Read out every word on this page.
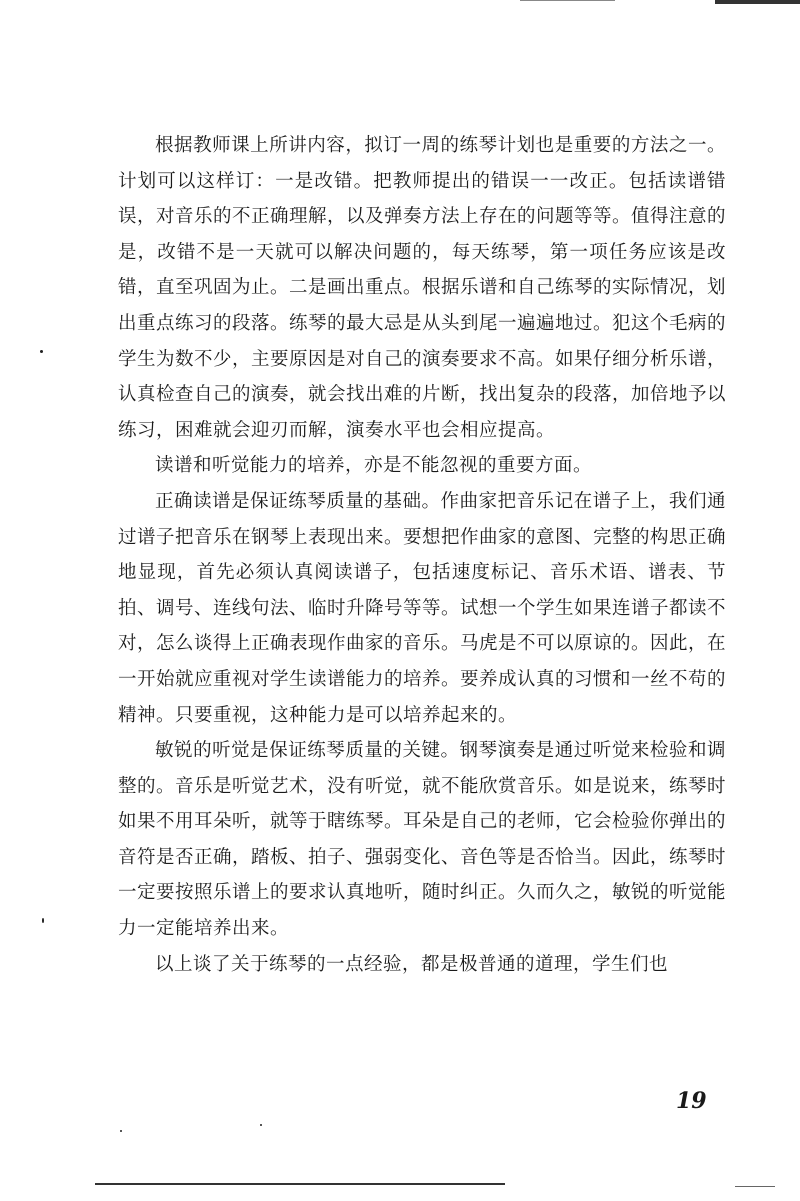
根据教师课上所讲内容，拟订一周的练琴计划也是重要的方法之一。计划可以这样订：一是改错。把教师提出的错误一一改正。包括读谱错误，对音乐的不正确理解，以及弹奏方法上存在的问题等等。值得注意的是，改错不是一天就可以解决问题的，每天练琴，第一项任务应该是改错，直至巩固为止。二是画出重点。根据乐谱和自己练琴的实际情况，划出重点练习的段落。练琴的最大忌是从头到尾一遍遍地过。犯这个毛病的学生为数不少，主要原因是对自己的演奏要求不高。如果仔细分析乐谱，认真检查自己的演奏，就会找出难的片断，找出复杂的段落，加倍地予以练习，困难就会迎刃而解，演奏水平也会相应提高。

读谱和听觉能力的培养，亦是不能忽视的重要方面。

正确读谱是保证练琴质量的基础。作曲家把音乐记在谱子上，我们通过谱子把音乐在钢琴上表现出来。要想把作曲家的意图、完整的构思正确地显现，首先必须认真阅读谱子，包括速度标记、音乐术语、谱表、节拍、调号、连线句法、临时升降号等等。试想一个学生如果连谱子都读不对，怎么谈得上正确表现作曲家的音乐。马虎是不可以原谅的。因此，在一开始就应重视对学生读谱能力的培养。要养成认真的习惯和一丝不苟的精神。只要重视，这种能力是可以培养起来的。

敏锐的听觉是保证练琴质量的关键。钢琴演奏是通过听觉来检验和调整的。音乐是听觉艺术，没有听觉，就不能欣赏音乐。如是说来，练琴时如果不用耳朵听，就等于瞎练琴。耳朵是自己的老师，它会检验你弹出的音符是否正确，踏板、拍子、强弱变化、音色等是否恰当。因此，练琴时一定要按照乐谱上的要求认真地听，随时纠正。久而久之，敏锐的听觉能力一定能培养出来。

以上谈了关于练琴的一点经验，都是极普通的道理，学生们也

19
